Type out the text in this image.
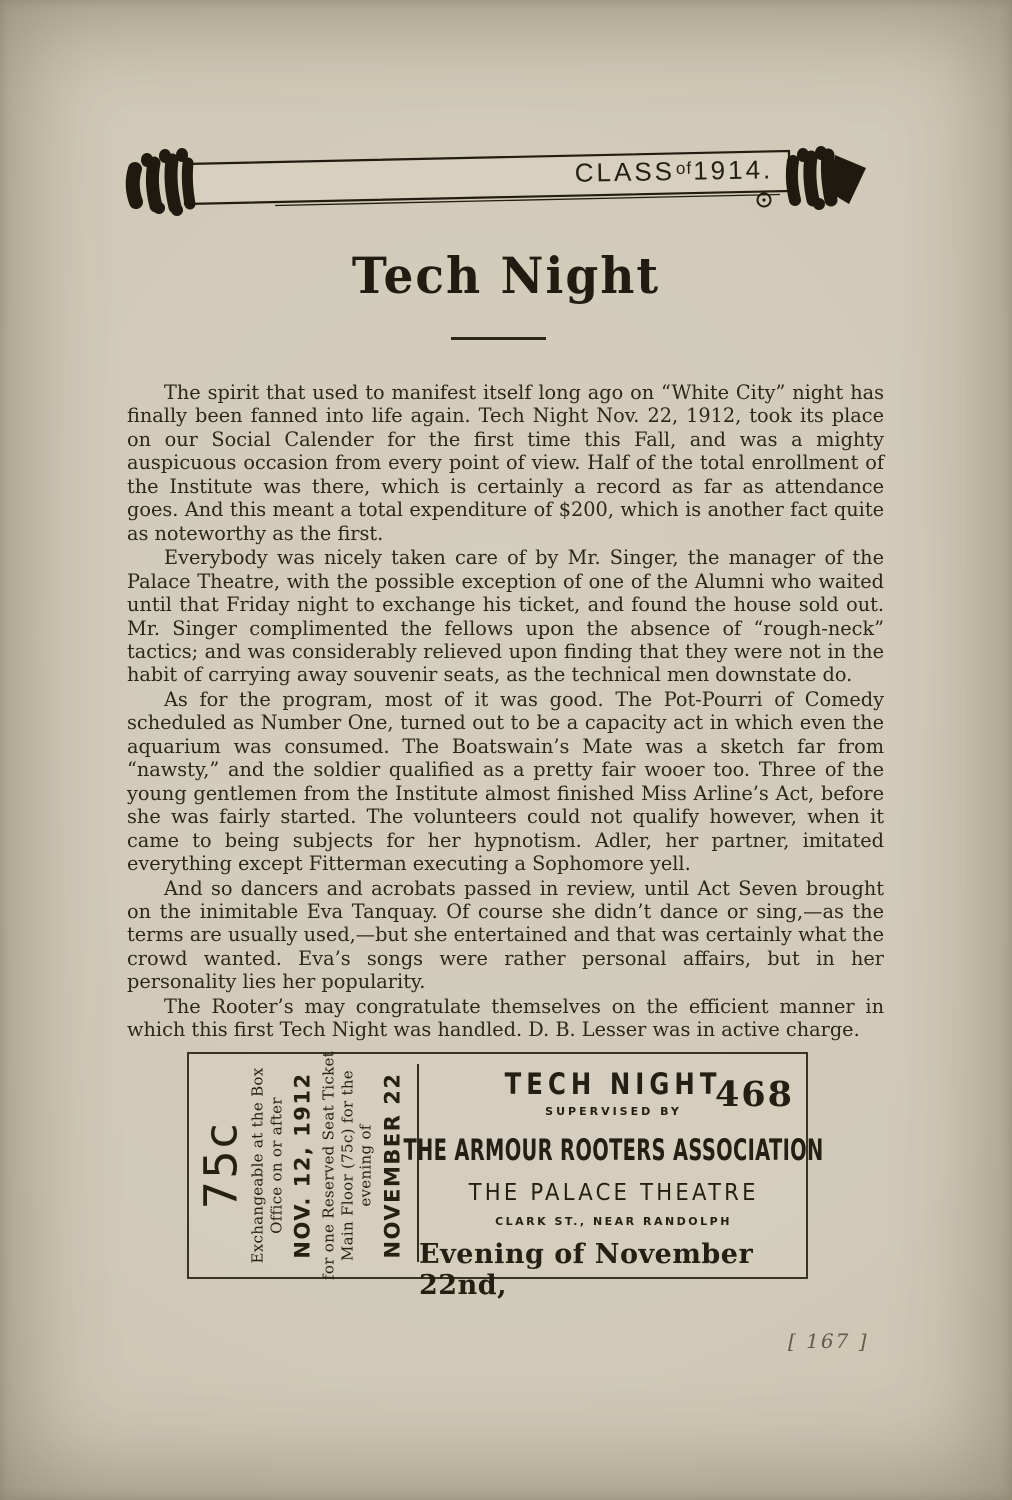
$CLASS^{of}1914$.
Tech Night

The spirit that used to manifest itself long ago on “White City” night has finally been fanned into life again. Tech Night Nov. 22, 1912, took its place on our Social Calender for the first time this Fall, and was a mighty auspicuous occasion from every point of view. Half of the total enrollment of the Institute was there, which is certainly a record as far as attendance goes. And this meant a total expenditure of $200, which is another fact quite as noteworthy as the first.

Everybody was nicely taken care of by Mr. Singer, the manager of the Palace Theatre, with the possible exception of one of the Alumni who waited until that Friday night to exchange his ticket, and found the house sold out. Mr. Singer complimented the fellows upon the absence of “rough-neck” tactics; and was considerably relieved upon finding that they were not in the habit of carrying away souvenir seats, as the technical men downstate do.

As for the program, most of it was good. The Pot-Pourri of Comedy scheduled as Number One, turned out to be a capacity act in which even the aquarium was consumed. The Boatswain’s Mate was a sketch far from “nawsty,” and the soldier qualified as a pretty fair wooer too. Three of the young gentlemen from the Institute almost finished Miss Arline’s Act, before she was fairly started. The volunteers could not qualify however, when it came to being subjects for her hypnotism. Adler, her partner, imitated everything except Fitterman executing a Sophomore yell.

And so dancers and acrobats passed in review, until Act Seven brought on the inimitable Eva Tanquay. Of course she didn’t dance or sing,—as the terms are usually used,—but she entertained and that was certainly what the crowd wanted. Eva’s songs were rather personal affairs, but in her personality lies her popularity.

The Rooter’s may congratulate themselves on the efficient manner in which this first Tech Night was handled. D. B. Lesser was in active charge.

75c Exchangeable at the Box Office on or after NOV. 12, 1912 for one Reserved Seat Ticket Main Floor (75c) for the evening of NOVEMBER 22	TECH NIGHT
468
SUPERVISED BY
THE ARMOUR ROOTERS ASSOCIATION
THE PALACE THEATRE
CLARK ST., NEAR RANDOLPH
Evening of November 22nd,
[ 167 ]
